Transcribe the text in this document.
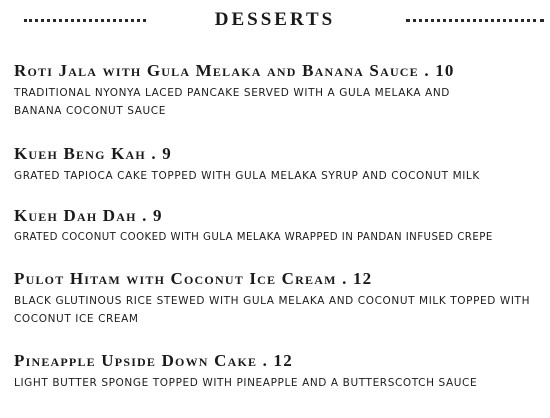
DESSERTS
Roti Jala with Gula Melaka and Banana Sauce . 10
TRADITIONAL NYONYA LACED PANCAKE SERVED WITH A GULA MELAKA AND BANANA COCONUT SAUCE
Kueh Beng Kah . 9
GRATED TAPIOCA CAKE TOPPED WITH GULA MELAKA SYRUP AND COCONUT MILK
Kueh Dah Dah . 9
GRATED COCONUT COOKED WITH GULA MELAKA WRAPPED IN PANDAN INFUSED CREPE
Pulot Hitam with Coconut Ice Cream . 12
BLACK GLUTINOUS RICE STEWED WITH GULA MELAKA AND COCONUT MILK TOPPED WITH COCONUT ICE CREAM
Pineapple Upside Down Cake . 12
LIGHT BUTTER SPONGE TOPPED WITH PINEAPPLE AND A BUTTERSCOTCH SAUCE
